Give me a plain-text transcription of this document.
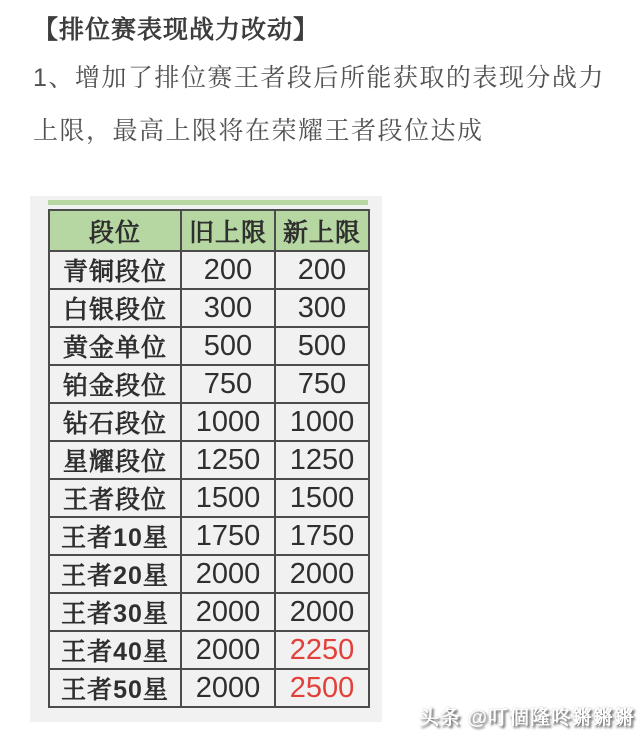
【排位赛表现战力改动】
1、增加了排位赛王者段后所能获取的表现分战力
上限，最高上限将在荣耀王者段位达成
段位	旧上限	新上限
青铜段位	200	200
白银段位	300	300
黄金单位	500	500
铂金段位	750	750
钻石段位	1000	1000
星耀段位	1250	1250
王者段位	1500	1500
王者10星	1750	1750
王者20星	2000	2000
王者30星	2000	2000
王者40星	2000	2250
王者50星	2000	2500
头条 @叮個隆咚鏘鏘鏘
